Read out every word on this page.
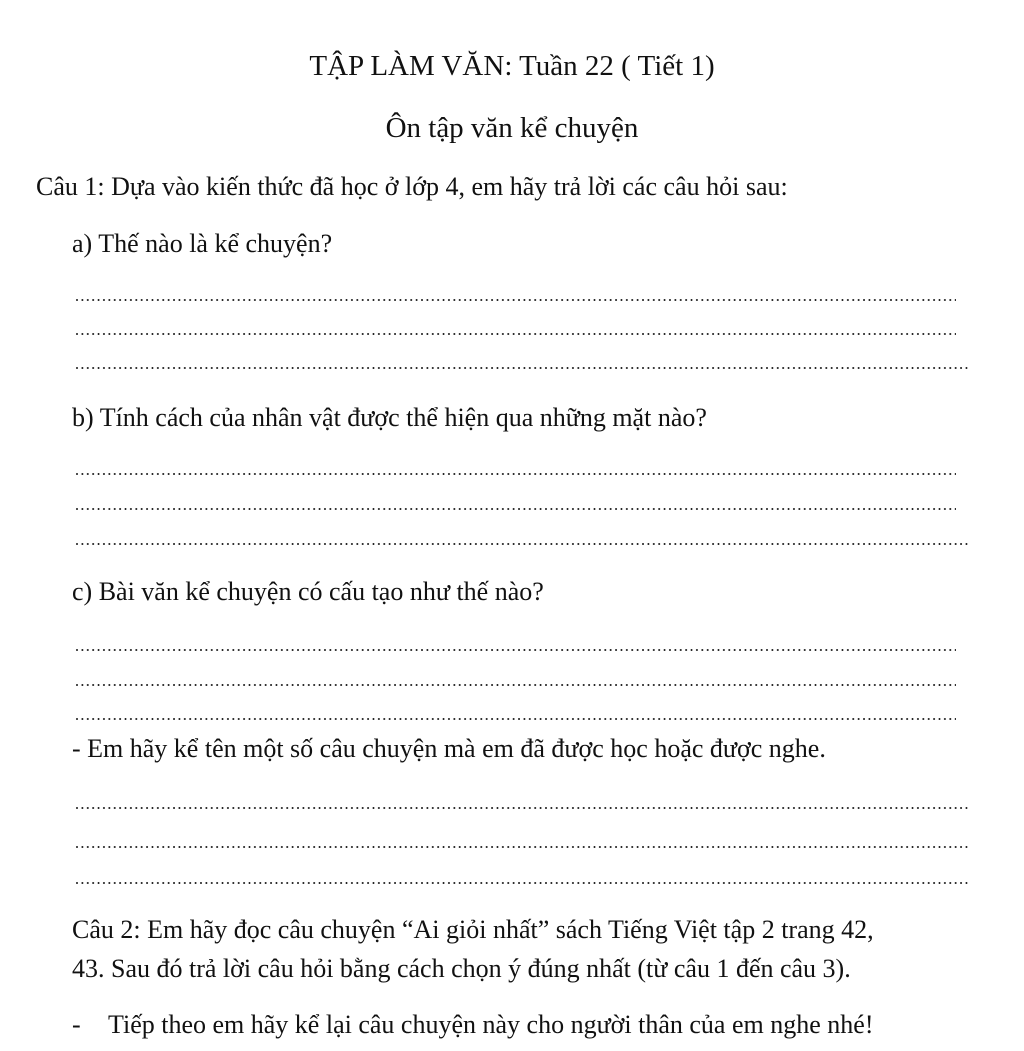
TẬP LÀM VĂN: Tuần 22 ( Tiết 1)
Ôn tập văn kể chuyện
Câu 1: Dựa vào kiến thức đã học ở lớp 4, em hãy trả lời các câu hỏi sau:
a) Thế nào là kể chuyện?
b) Tính cách của nhân vật được thể hiện qua những mặt nào?
c) Bài văn kể chuyện có cấu tạo như thế nào?
- Em hãy kể tên một số câu chuyện mà em đã được học hoặc được nghe.
Câu 2: Em hãy đọc câu chuyện “Ai giỏi nhất” sách Tiếng Việt tập 2 trang 42,
43. Sau đó trả lời câu hỏi bằng cách chọn ý đúng nhất (từ câu 1 đến câu 3).
- Tiếp theo em hãy kể lại câu chuyện này cho người thân của em nghe nhé!
